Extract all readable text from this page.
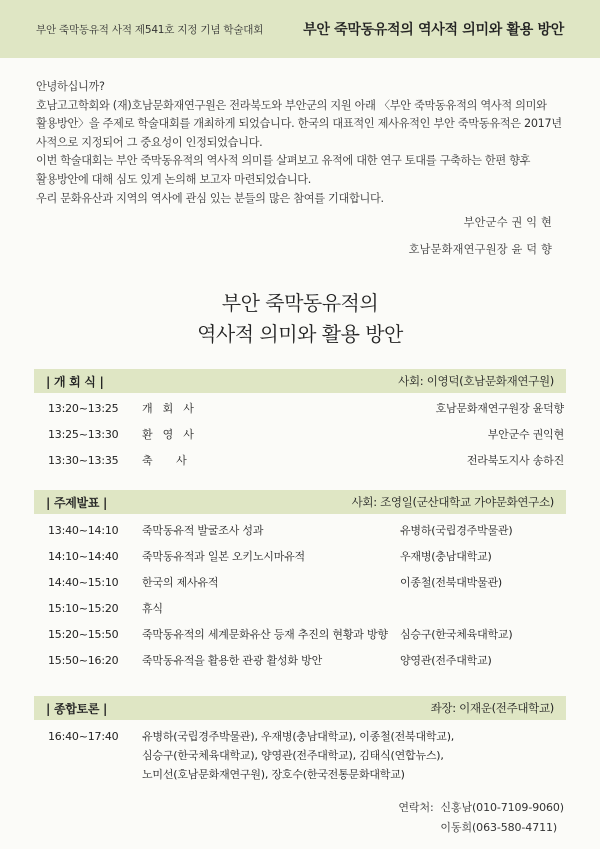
부안 죽막동유적 사적 제541호 지정 기념 학술대회	부안 죽막동유적의 역사적 의미와 활용 방안

안녕하십니까?

호남고고학회와 (재)호남문화재연구원은 전라북도와 부안군의 지원 아래 〈부안 죽막동유적의 역사적 의미와

활용방안〉을 주제로 학술대회를 개최하게 되었습니다. 한국의 대표적인 제사유적인 부안 죽막동유적은 2017년

사적으로 지정되어 그 중요성이 인정되었습니다.

이번 학술대회는 부안 죽막동유적의 역사적 의미를 살펴보고 유적에 대한 연구 토대를 구축하는 한편 향후

활용방안에 대해 심도 있게 논의해 보고자 마련되었습니다.

우리 문화유산과 지역의 역사에 관심 있는 분들의 많은 참여를 기대합니다.

부안군수 권 익 현
호남문화재연구원장 윤 덕 향
부안 죽막동유적의
역사적 의미와 활용 방안
| 개 회 식 |	사회: 이영덕(호남문화재연구원)
13:20~13:25	개회사	호남문화재연구원장 윤덕향
13:25~13:30	환영사	부안군수 권익현
13:30~13:35	축 사	전라북도지사 송하진
| 주제발표 |	사회: 조영일(군산대학교 가야문화연구소)
13:40~14:10	죽막동유적 발굴조사 성과	유병하(국립경주박물관)
14:10~14:40	죽막동유적과 일본 오키노시마유적	우재병(충남대학교)
14:40~15:10	한국의 제사유적	이종철(전북대박물관)
15:10~15:20	휴식
15:20~15:50	죽막동유적의 세계문화유산 등재 추진의 현황과 방향	심승구(한국체육대학교)
15:50~16:20	죽막동유적을 활용한 관광 활성화 방안	양영관(전주대학교)
| 종합토론 |	좌장: 이재운(전주대학교)
16:40~17:40	유병하(국립경주박물관), 우재병(충남대학교), 이종철(전북대학교),
심승구(한국체육대학교), 양영관(전주대학교), 김태식(연합뉴스),
노미선(호남문화재연구원), 장호수(한국전통문화대학교)
연락처: 신홍남(010-7109-9060)
이동희(063-580-4711)
